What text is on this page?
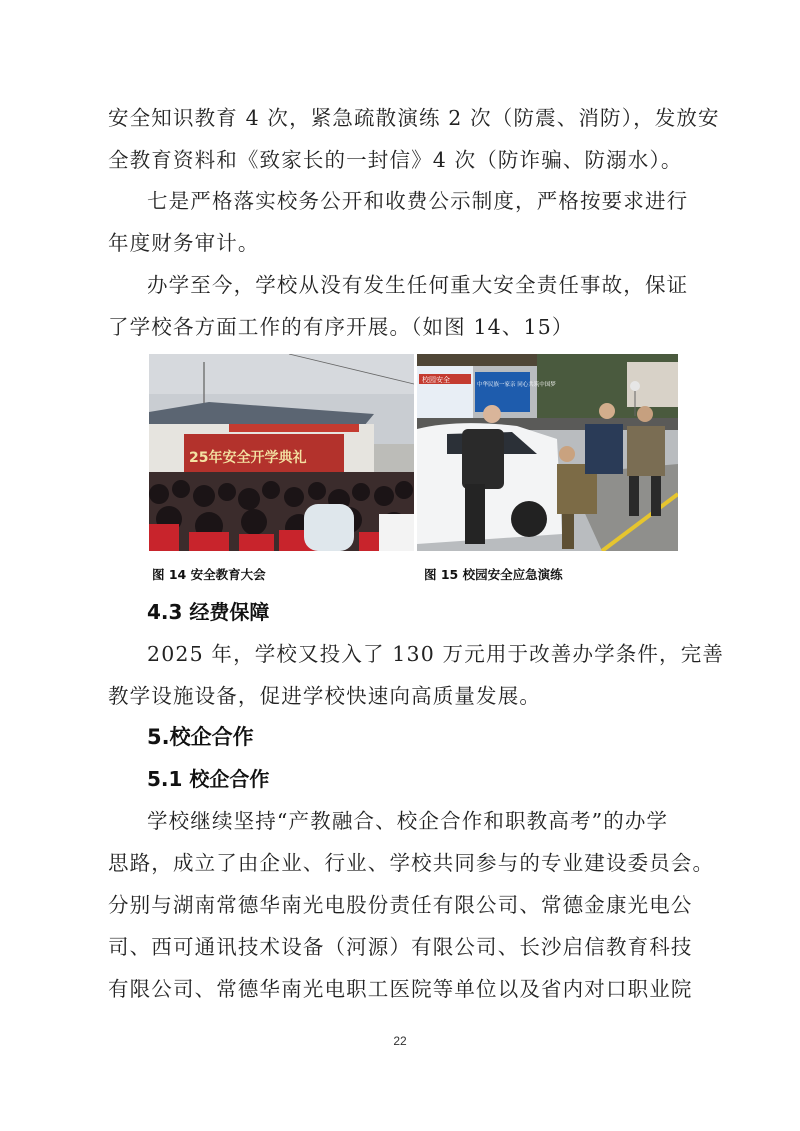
安全知识教育 4 次，紧急疏散演练 2 次（防震、消防），发放安
全教育资料和《致家长的一封信》4 次（防诈骗、防溺水）。
七是严格落实校务公开和收费公示制度，严格按要求进行
年度财务审计。
办学至今，学校从没有发生任何重大安全责任事故，保证
了学校各方面工作的有序开展。（如图 14、15）
25年安全开学典礼
校园安全
中华民族一家亲 同心共筑中国梦
图 14 安全教育大会	图 15 校园安全应急演练
4.3 经费保障
2025 年，学校又投入了 130 万元用于改善办学条件，完善
教学设施设备，促进学校快速向高质量发展。
5.校企合作
5.1 校企合作
学校继续坚持“产教融合、校企合作和职教高考”的办学
思路，成立了由企业、行业、学校共同参与的专业建设委员会。
分别与湖南常德华南光电股份责任有限公司、常德金康光电公
司、西可通讯技术设备（河源）有限公司、长沙启信教育科技
有限公司、常德华南光电职工医院等单位以及省内对口职业院
22
